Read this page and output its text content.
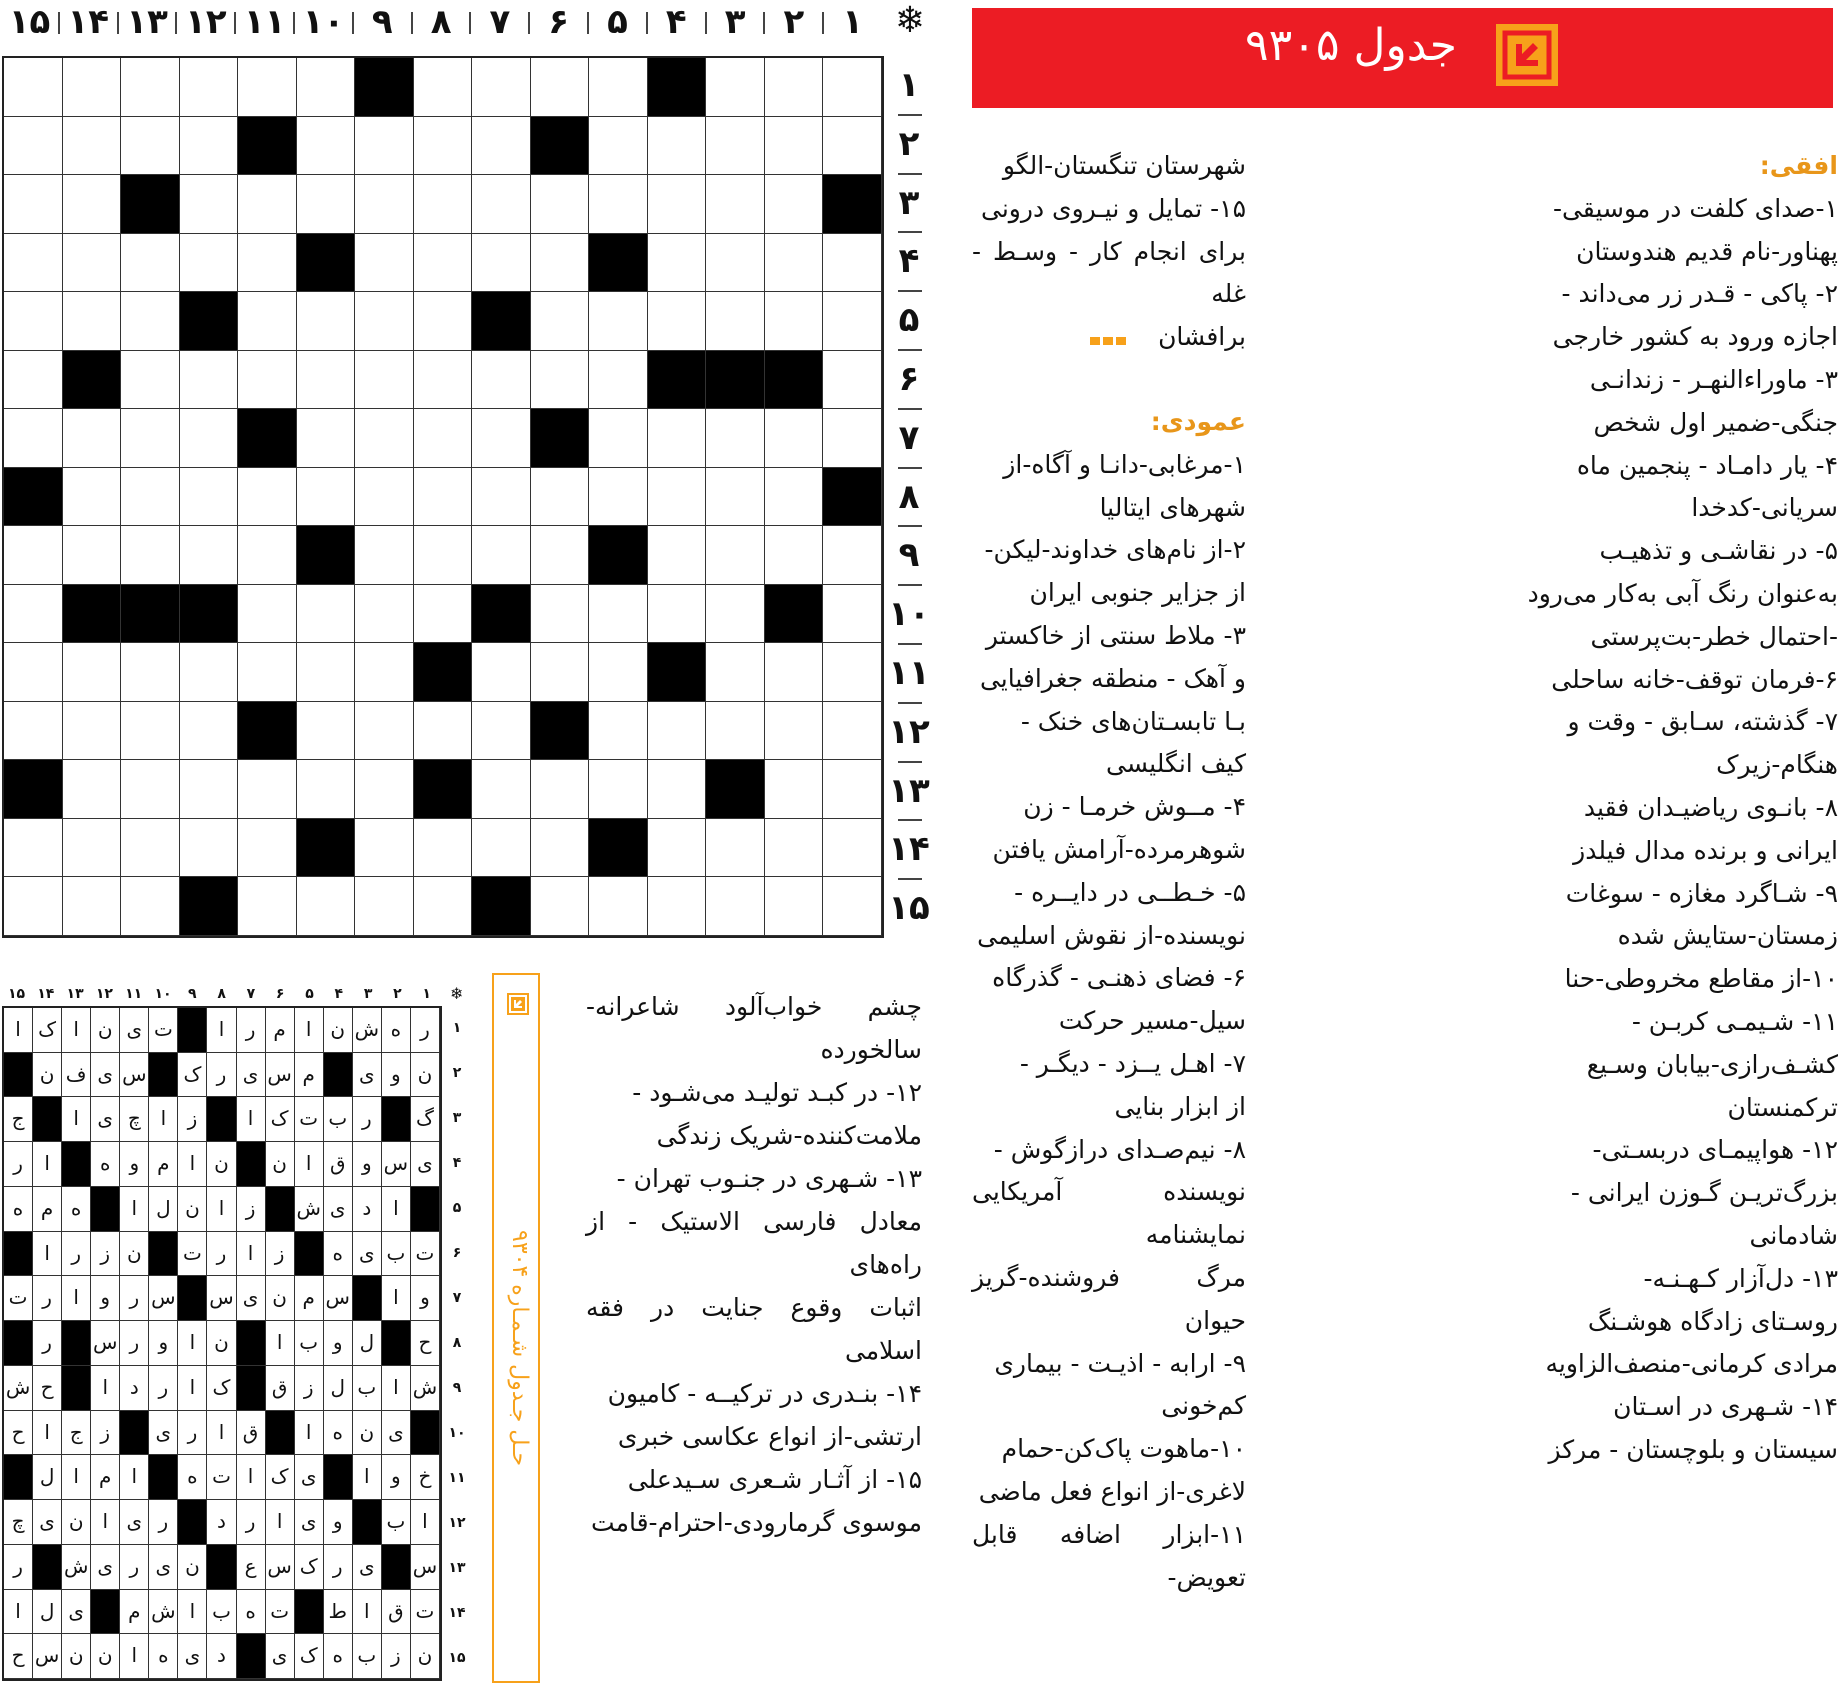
۱۵ ۱۴ ۱۳ ۱۲ ۱۱ ۱۰ ۹	۸	۷	۶	۵	۴	۳	۲	۱ ❄
۱
۲
۳
۴
۵
۶
۷
۸
۹
۱۰
۱۱
۱۲
۱۳
۱۴
۱۵
جدول ۹۳۰۵

افقی:

۱-صدای کلفت در موسیقی-

پهناور-نام قدیم هندوستان

۲- پاکی - قـدر زر می‌داند -

اجازه ورود به کشور خارجی

۳- ماوراءالنهـر - زندانـی

جنگی-ضمیر اول شخص

۴- یار دامـاد - پنجمین ماه

سریانی-کدخدا

۵- در نقاشـی و تذهیـب

به‌عنوان رنگ آبی به‌کار می‌رود

-احتمال خطر-بت‌پرستی

۶-فرمان توقف-خانه ساحلی

۷- گذشته، سـابق - وقت و

هنگام-زیرک

۸- بانـوی ریاضیـدان فقید

ایرانی و برنده مدال فیلدز

۹- شـاگرد مغازه - سوغات

زمستان-ستایش شده

۱۰-از مقاطع مخروطی-حنا

۱۱- شـیمـی کربـن -

کشـف‌رازی-بیابان وسـیع

ترکمنستان

۱۲- هواپیمـای دربسـتی-

بزرگ‌تریـن گـوزن ایرانی -

شادمانی

۱۳- دل‌آزار کـهـنـه-

روسـتای زادگاه هوشـنگ

مرادی کرمانی-منصف‌الزاویه

۱۴- شـهری در اسـتان

سیستان و بلوچستان - مرکز

شهرستان تنگستان-الگو

۱۵- تمایل و نیـروی درونی

برای انجام کار - وسـط - غله

برافشان

عمودی:

۱-مرغابی-دانـا و آگاه-از

شهرهای ایتالیا

۲-از نام‌های خداوند-لیکن-

از جزایر جنوبی ایران

۳- ملاط سنتی از خاکستر

و آهک - منطقه جغرافیایی

بـا تابسـتان‌های خنک -

کیف انگلیسی

۴- مــوش خرمـا - زن

شوهرمرده-آرامش یافتن

۵- خـطــی در دایــره -

نویسنده-از نقوش اسلیمی

۶- فضای ذهنـی - گذرگاه

سیل-مسیر حرکت

۷- اهـل یــزد - دیگـر -

از ابزار بنایی

۸- نیم‌صـدای درازگوش -

نویسنده آمریکایی نمایشنامه

مرگ فروشنده-گریز حیوان

۹- ارابه - اذیـت - بیماری

کم‌خونی

۱۰-ماهوت پاک‌کن-حمام

لاغری-از انواع فعل ماضی

۱۱-ابزار اضافه قابل تعویض-

چشم خواب‌آلود شاعرانه-سالخورده

۱۲- در کبـد تولیـد می‌شـود -

ملامت‌کننده-شریک زندگی

۱۳- شـهری در جنـوب تهران -

معادل فارسی الاستیک - از راه‌های

اثبات وقوع جنایت در فقه اسلامی

۱۴- بنـدری در ترکیــه - کامیون

ارتشی-از انواع عکاسی خبری

۱۵- از آثـار شـعری سـیدعلی

موسوی گرمارودی-احترام-قامت

حـل جـدول شـمـاره ۹۳۰۴
❄
۱۵ ۱۴ ۱۳ ۱۲ ۱۱ ۱۰	۹	۸	۷	۶	۵	۴	۳	۲	۱
ا ک ا ن ی ت	ا	ر م	ا ن ش ه ر
ن ف ی س ک ر ی س م	ی و ن
ج	ا ی چ ا	ز	ا ک ت ب ر	گ
ر	ا	ه و م	ا ن	ن ا ق و س ی
ه م ه	ا ل ن ا	ز	ش ی د	ا
ا	ر ز ن	ت ر	ا	ز	ه ی ب ت
ت ر	ا	و ر س س ی ن م س	ا	و
ر	س ر و	ا ن	ا ب و ل	ح
ش ح	ا	د ر	ا ک	ق ز ل ب ا ش
ح ا ج ز	ی ر	ا ق	ا	ه ن ی
ل ا	م	ا	ه ت ا ک ی	ا	و خ
چ ی ن ا ی ر	د ر	ا ی و	ب ا
ر	ش ی ر ی ن	ع س ک ر ی	س
ا ل ی	م ش ا ب ه ت ط ا ق ت
ح س ن ن ا	ه ی د	ی ک ه ب ز ن
۱
۲
۳
۴
۵
۶
۷
۸
۹
۱۰
۱۱
۱۲
۱۳
۱۴
۱۵
